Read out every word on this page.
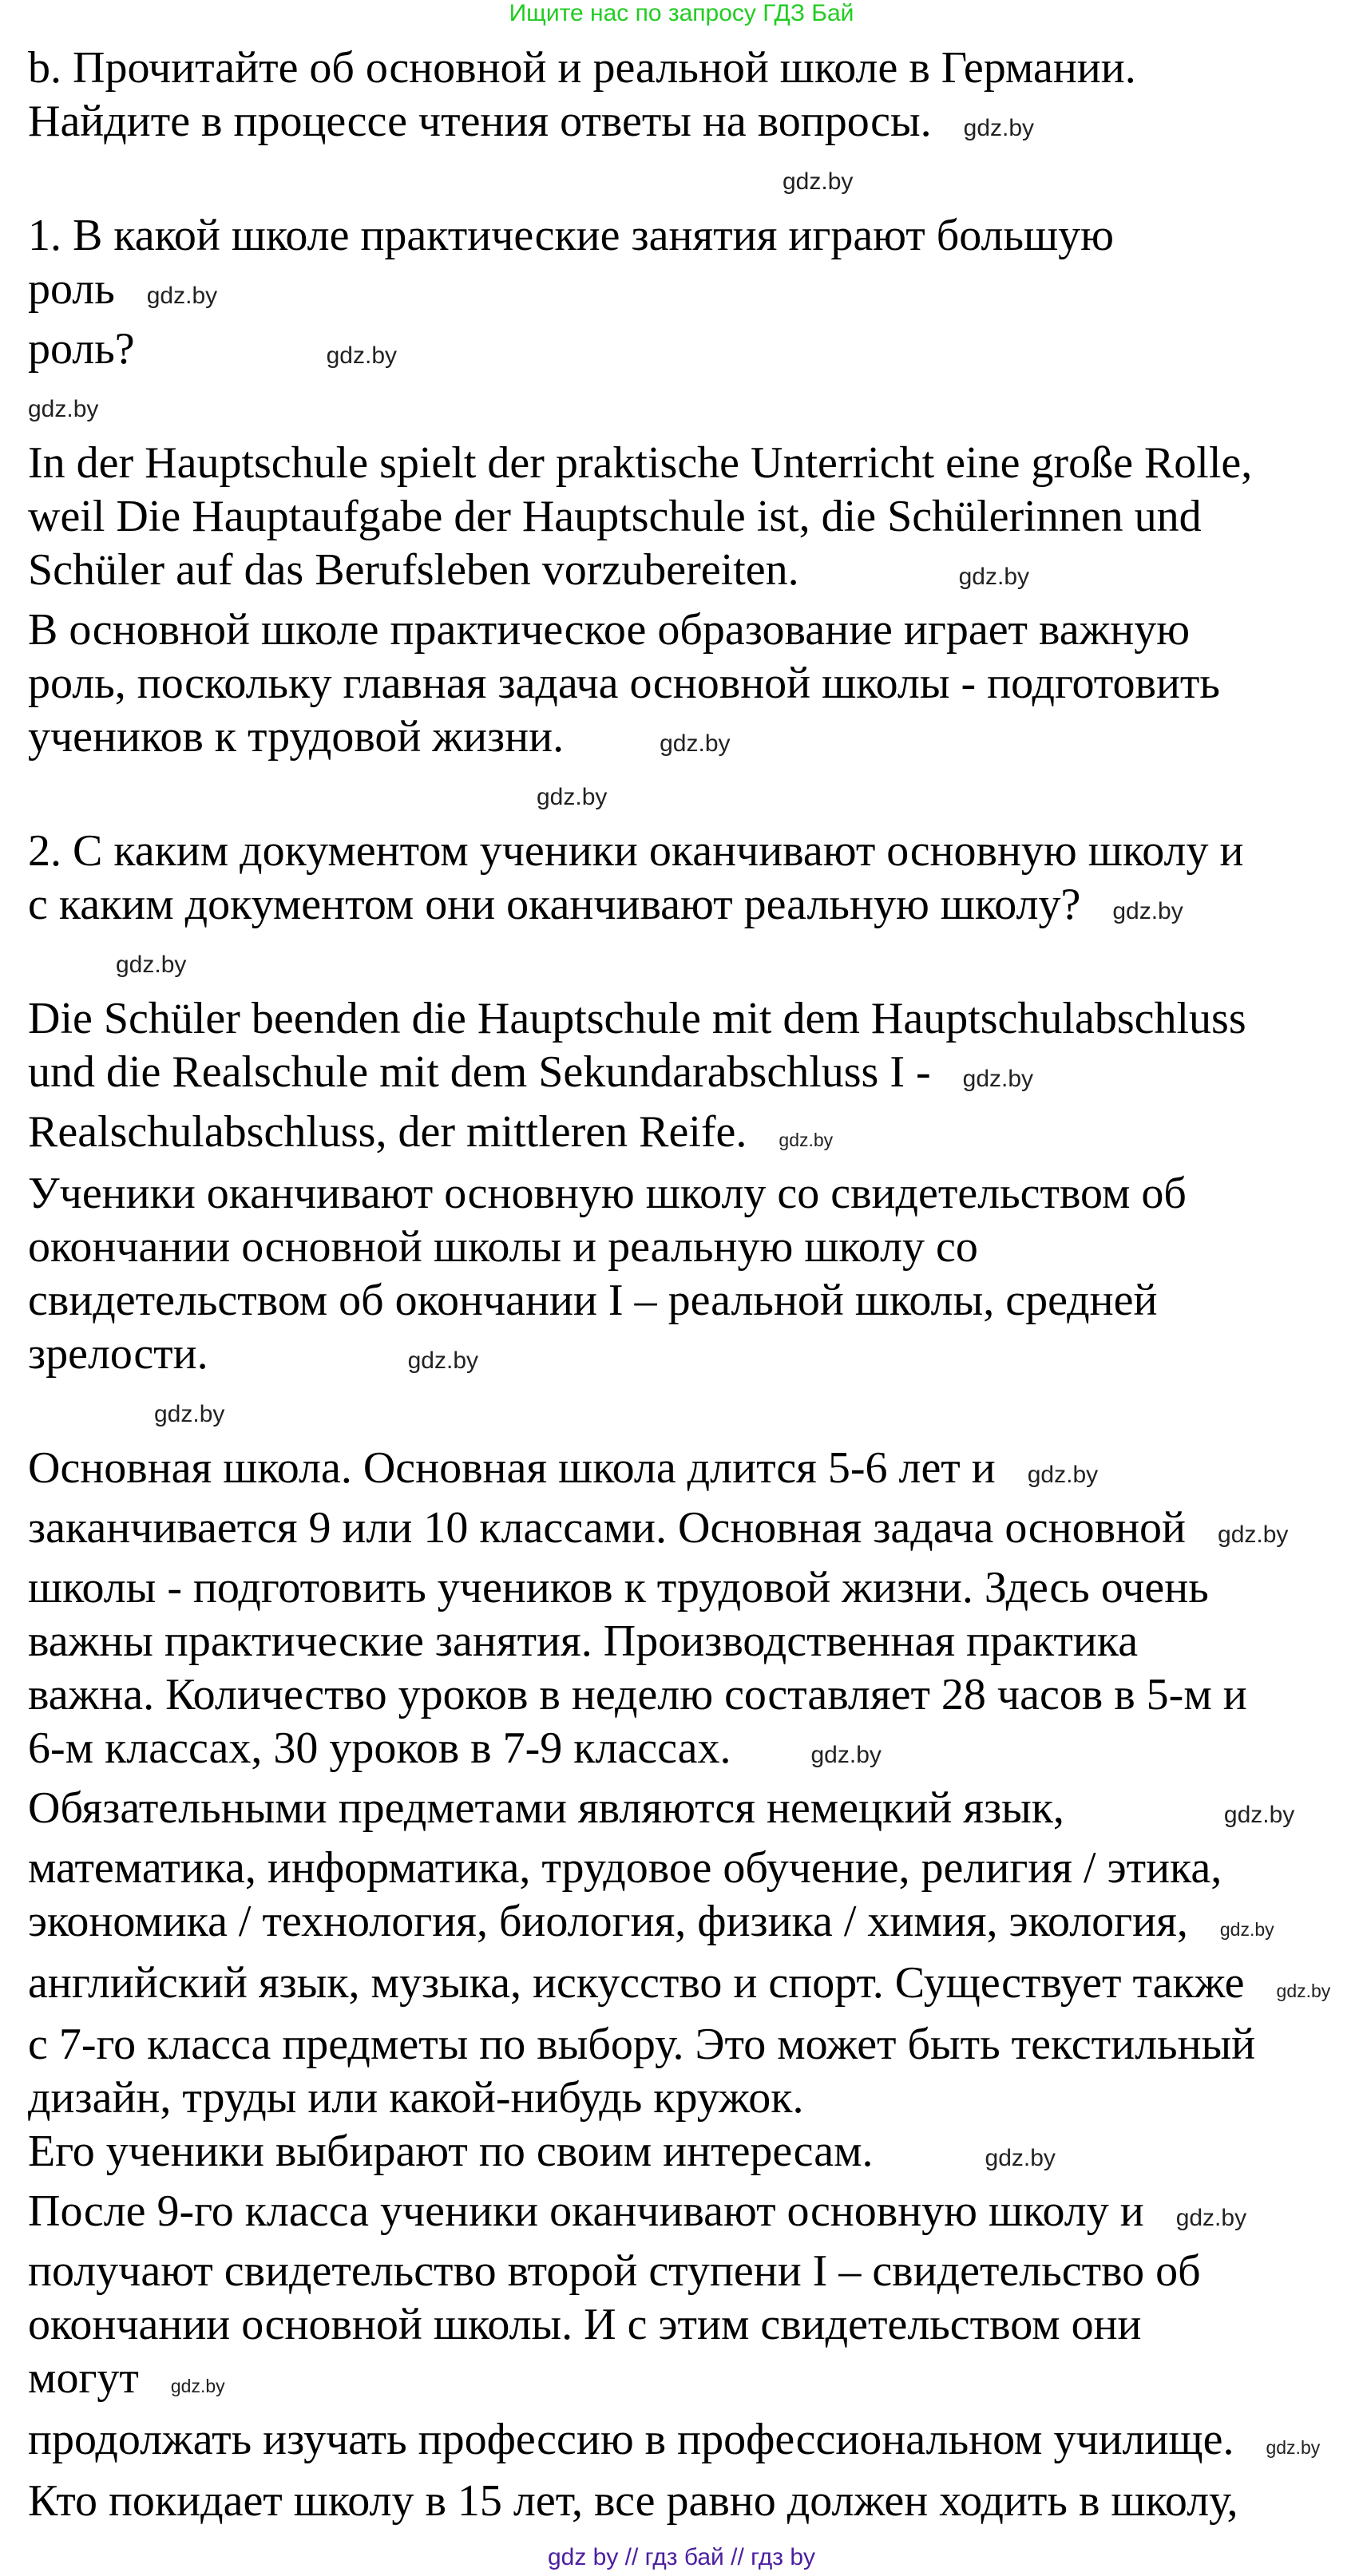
Ищите нас по запросу ГДЗ Бай
b. Прочитайте об основной и реальной школе в Германии.
Найдите в процессе чтения ответы на вопросы. gdz.by
gdz.by
1. В какой школе практические занятия играют большую
роль gdz.by
роль?	gdz.by
gdz.by
In der Hauptschule spielt der praktische Unterricht eine große Rolle,
weil Die Hauptaufgabe der Hauptschule ist, die Schülerinnen und
Schüler auf das Berufsleben vorzubereiten.	gdz.by
В основной школе практическое образование играет важную
роль, поскольку главная задача основной школы - подготовить
учеников к трудовой жизни.	gdz.by
gdz.by
2. С каким документом ученики оканчивают основную школу и
с каким документом они оканчивают реальную школу? gdz.by
gdz.by
Die Schüler beenden die Hauptschule mit dem Hauptschulabschluss
und die Realschule mit dem Sekundarabschluss I - gdz.by
Realschulabschluss, der mittleren Reife. gdz.by
Ученики оканчивают основную школу со свидетельством об
окончании основной школы и реальную школу со
свидетельством об окончании I – реальной школы, средней
зрелости.	gdz.by
gdz.by
Основная школа. Основная школа длится 5-6 лет и gdz.by
заканчивается 9 или 10 классами. Основная задача основной gdz.by
школы - подготовить учеников к трудовой жизни. Здесь очень
важны практические занятия. Производственная практика
важна. Количество уроков в неделю составляет 28 часов в 5-м и
6-м классах, 30 уроков в 7-9 классах.	gdz.by
Обязательными предметами являются немецкий язык,	gdz.by
математика, информатика, трудовое обучение, религия / этика,
экономика / технология, биология, физика / химия, экология, gdz.by
английский язык, музыка, искусство и спорт. Существует также gdz.by
с 7-го класса предметы по выбору. Это может быть текстильный
дизайн, труды или какой-нибудь кружок.
Его ученики выбирают по своим интересам.	gdz.by
После 9-го класса ученики оканчивают основную школу и gdz.by
получают свидетельство второй ступени I – свидетельство об
окончании основной школы. И с этим свидетельством они могут gdz.by
продолжать изучать профессию в профессиональном училище. gdz.by
Кто покидает школу в 15 лет, все равно должен ходить в школу,
gdz by // гдз бай // гдз by
